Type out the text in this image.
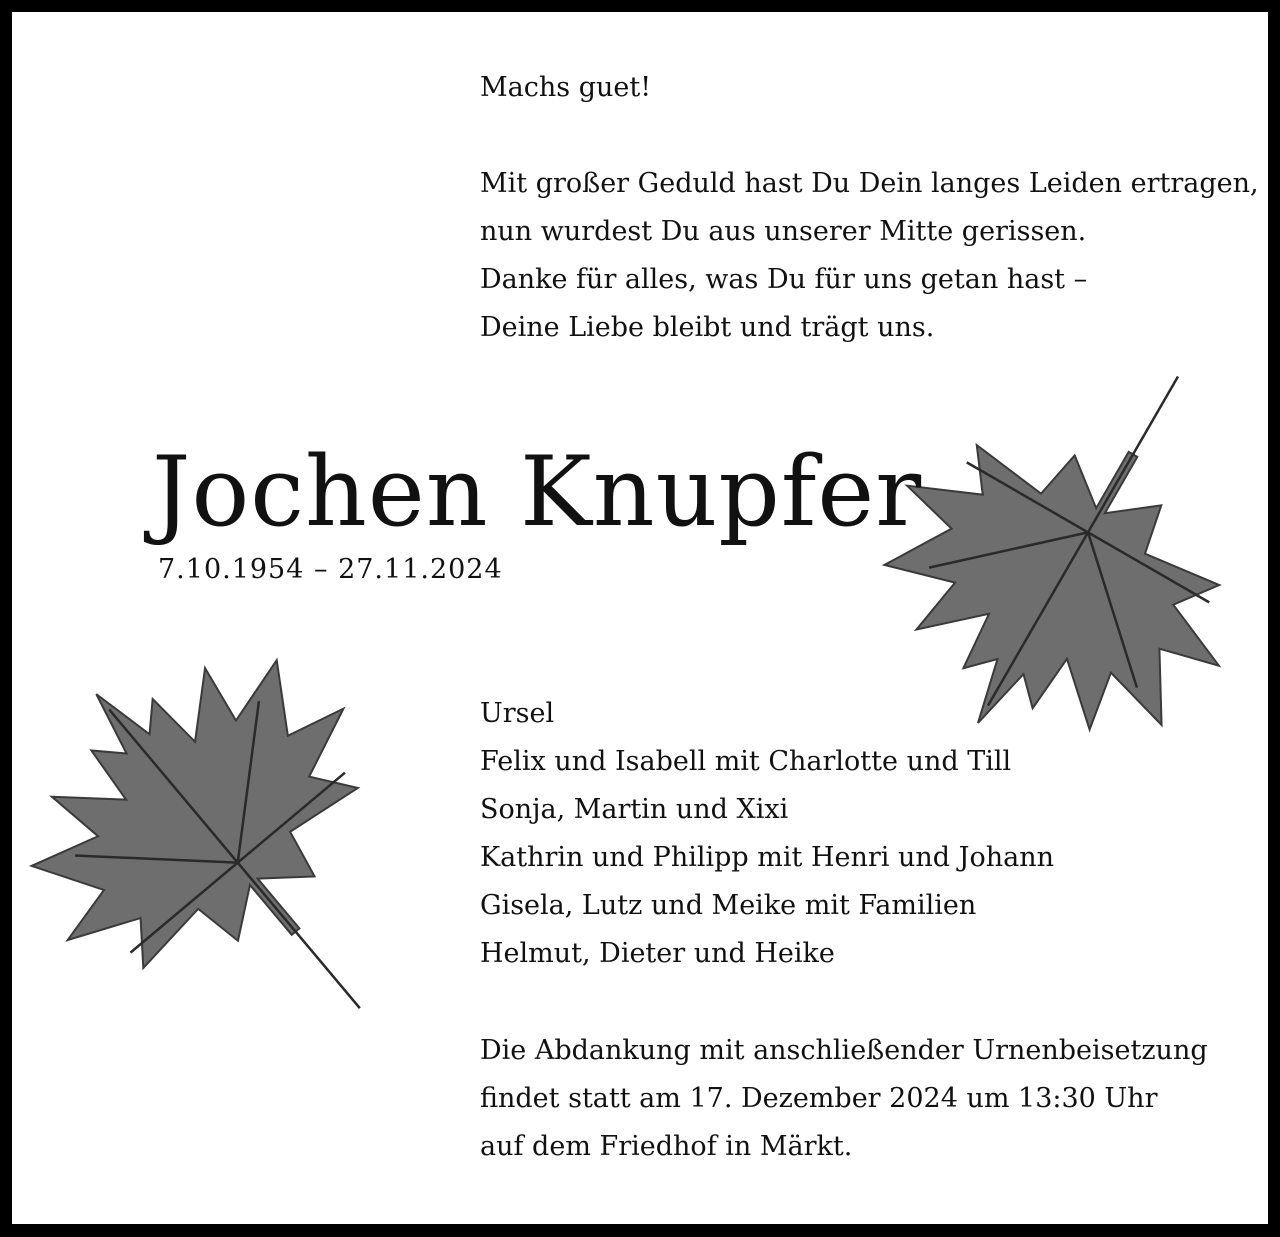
Machs guet!
Mit großer Geduld hast Du Dein langes Leiden ertragen,
nun wurdest Du aus unserer Mitte gerissen.
Danke für alles, was Du für uns getan hast –
Deine Liebe bleibt und trägt uns.
Jochen Knupfer
7.10.1954 – 27.11.2024
Ursel
Felix und Isabell mit Charlotte und Till
Sonja, Martin und Xixi
Kathrin und Philipp mit Henri und Johann
Gisela, Lutz und Meike mit Familien
Helmut, Dieter und Heike
Die Abdankung mit anschließender Urnenbeisetzung
findet statt am 17. Dezember 2024 um 13:30 Uhr
auf dem Friedhof in Märkt.
